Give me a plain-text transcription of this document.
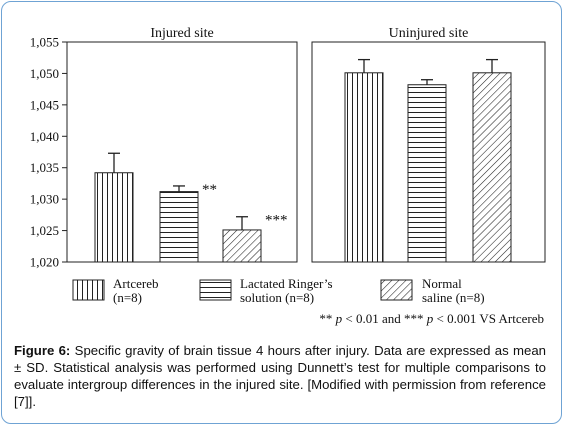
1,020
1,025
1,030
1,035
1,040
1,045
1,050
1,055
Injured site	Uninjured site
**
***
Artcereb
(n=8)
Lactated Ringer’s
solution (n=8)
Normal
saline (n=8)
** p < 0.01 and *** p < 0.001 VS Artcereb
Figure 6: Specific gravity of brain tissue 4 hours after injury. Data are expressed as mean ± SD. Statistical analysis was performed using Dunnett’s test for multiple comparisons to evaluate intergroup differences in the injured site. [Modified with permission from reference [7]].
